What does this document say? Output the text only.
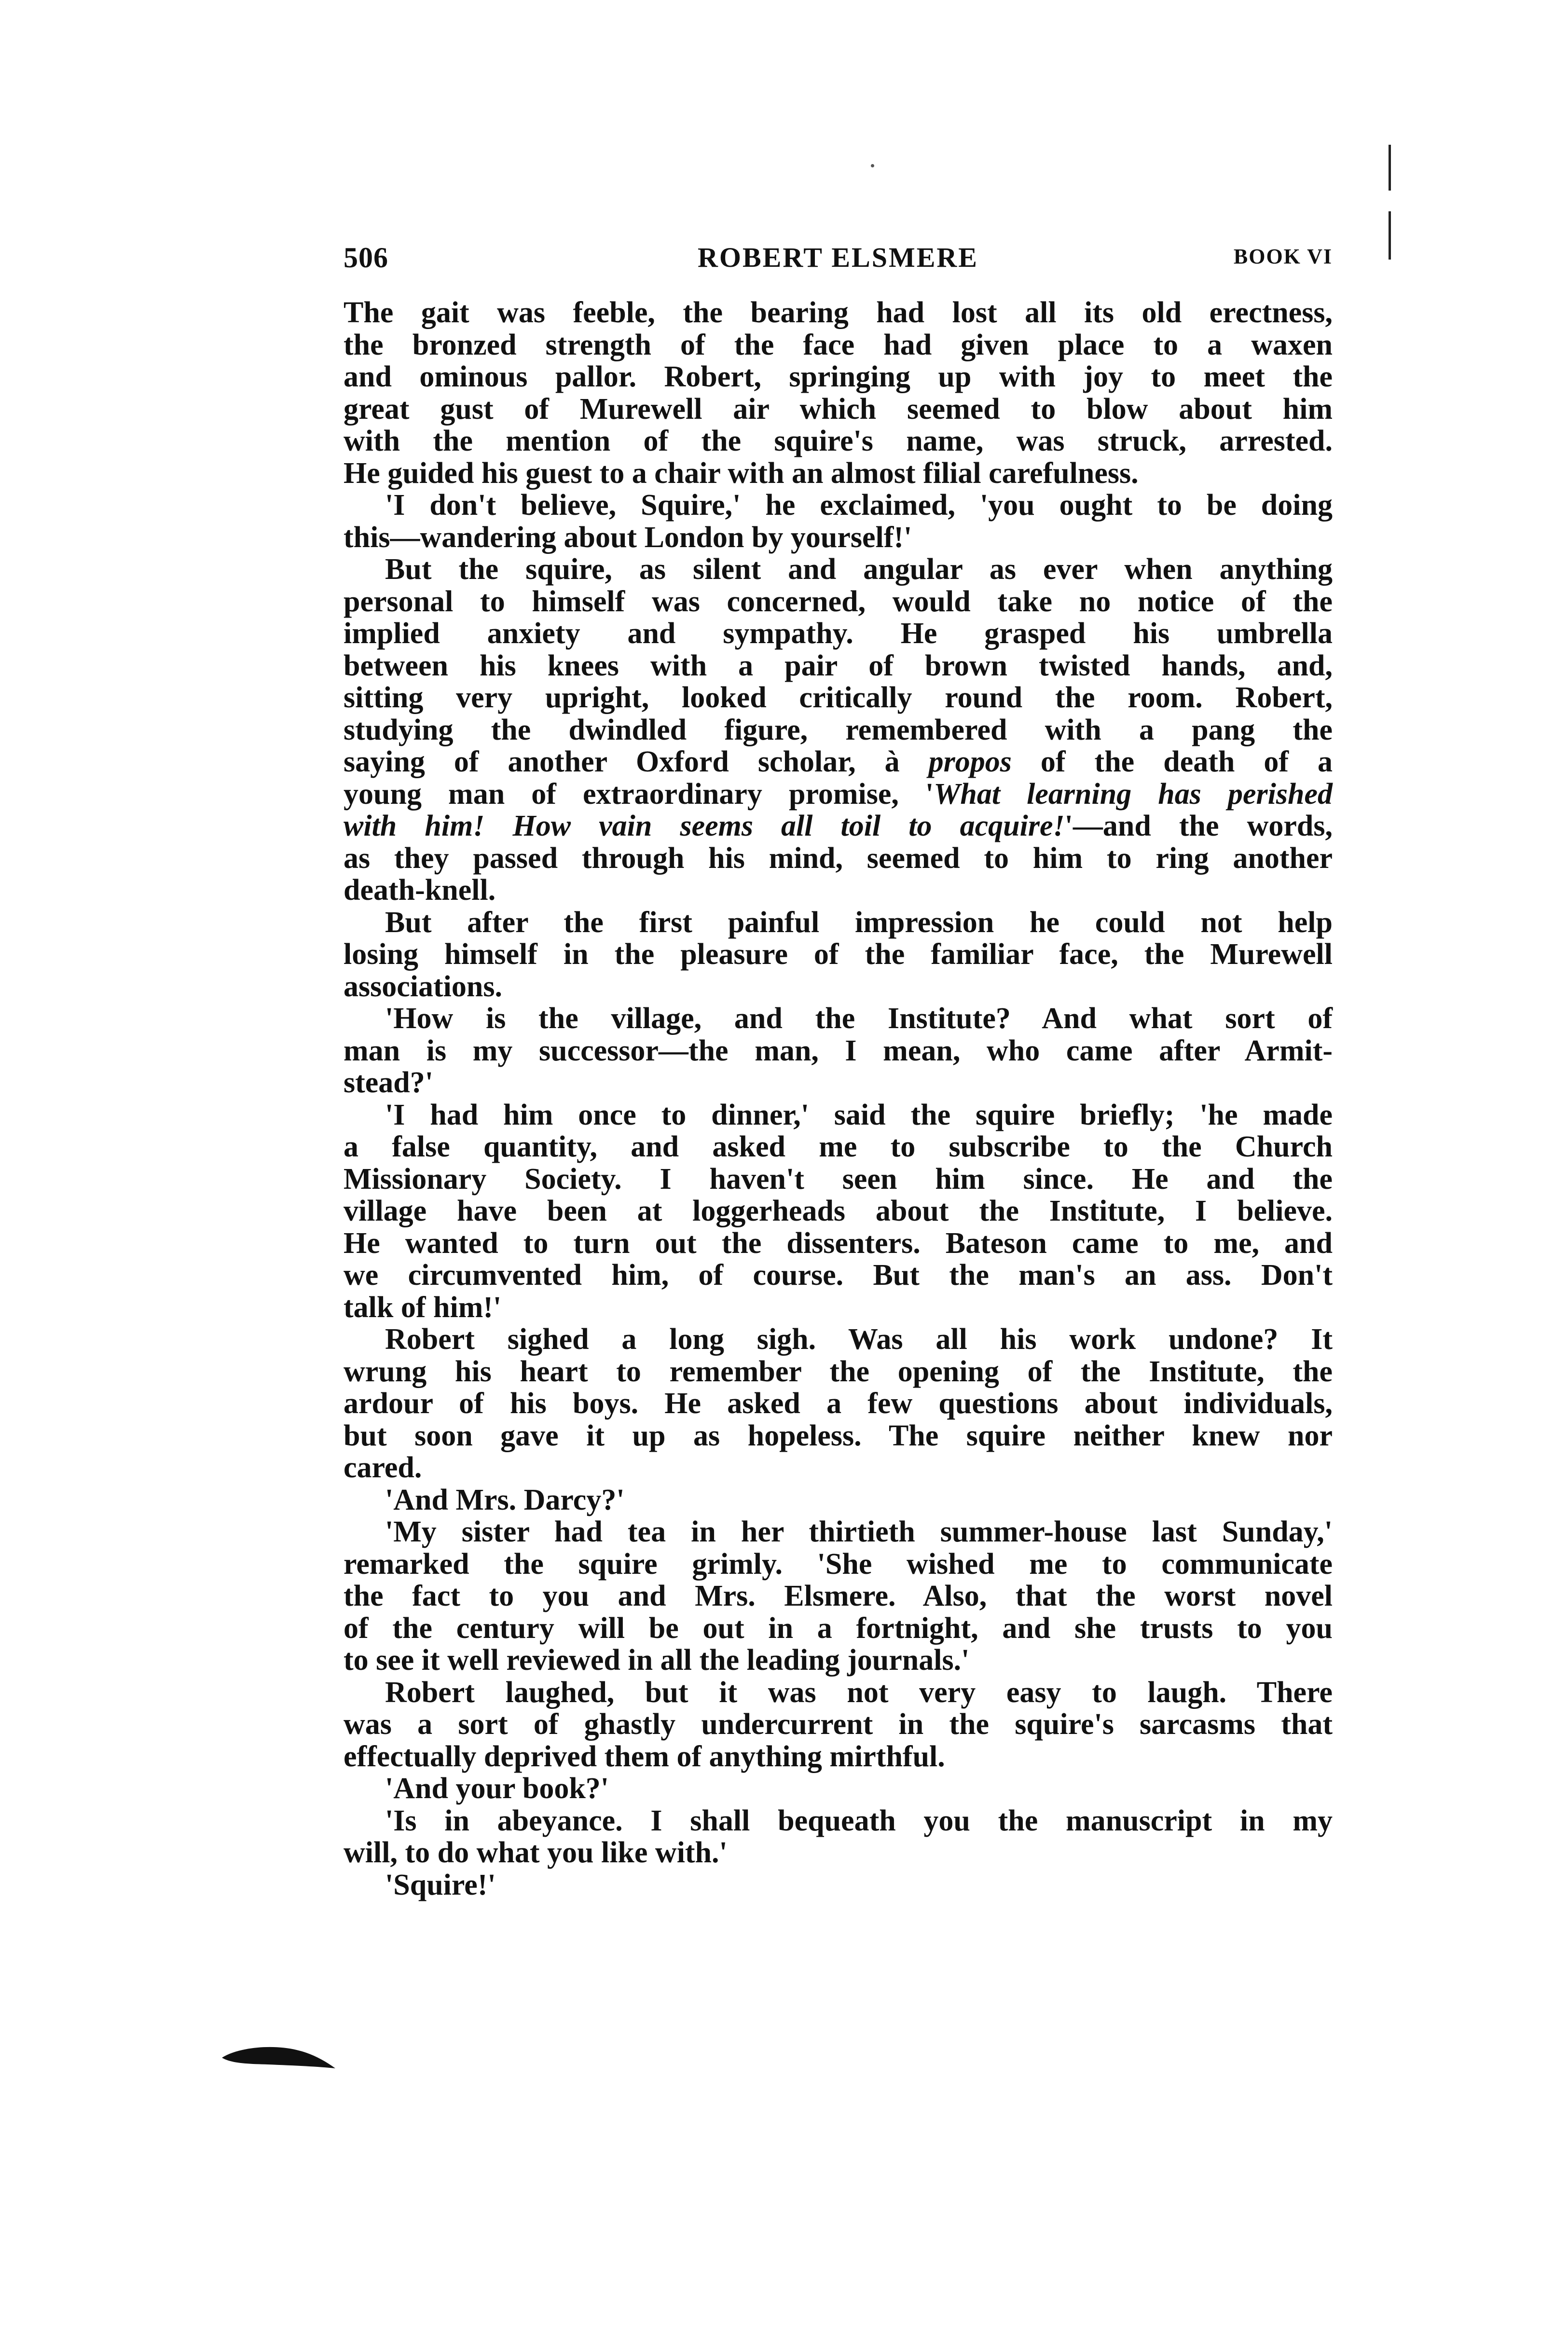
506	ROBERT ELSMERE	BOOK VI
The gait was feeble, the bearing had lost all its old erectness,
the bronzed strength of the face had given place to a waxen
and ominous pallor. Robert, springing up with joy to meet the
great gust of Murewell air which seemed to blow about him
with the mention of the squire's name, was struck, arrested.
He guided his guest to a chair with an almost filial carefulness.
'I don't believe, Squire,' he exclaimed, 'you ought to be doing
this—wandering about London by yourself!'
But the squire, as silent and angular as ever when anything
personal to himself was concerned, would take no notice of the
implied anxiety and sympathy. He grasped his umbrella
between his knees with a pair of brown twisted hands, and,
sitting very upright, looked critically round the room. Robert,
studying the dwindled figure, remembered with a pang the
saying of another Oxford scholar, à propos of the death of a
young man of extraordinary promise, 'What learning has perished
with him! How vain seems all toil to acquire!'—and the words,
as they passed through his mind, seemed to him to ring another
death-knell.
But after the first painful impression he could not help
losing himself in the pleasure of the familiar face, the Murewell
associations.
'How is the village, and the Institute? And what sort of
man is my successor—the man, I mean, who came after Armit-
stead?'
'I had him once to dinner,' said the squire briefly; 'he made
a false quantity, and asked me to subscribe to the Church
Missionary Society. I haven't seen him since. He and the
village have been at loggerheads about the Institute, I believe.
He wanted to turn out the dissenters. Bateson came to me, and
we circumvented him, of course. But the man's an ass. Don't
talk of him!'
Robert sighed a long sigh. Was all his work undone? It
wrung his heart to remember the opening of the Institute, the
ardour of his boys. He asked a few questions about individuals,
but soon gave it up as hopeless. The squire neither knew nor
cared.
'And Mrs. Darcy?'
'My sister had tea in her thirtieth summer-house last Sunday,'
remarked the squire grimly. 'She wished me to communicate
the fact to you and Mrs. Elsmere. Also, that the worst novel
of the century will be out in a fortnight, and she trusts to you
to see it well reviewed in all the leading journals.'
Robert laughed, but it was not very easy to laugh. There
was a sort of ghastly undercurrent in the squire's sarcasms that
effectually deprived them of anything mirthful.
'And your book?'
'Is in abeyance. I shall bequeath you the manuscript in my
will, to do what you like with.'
'Squire!'
